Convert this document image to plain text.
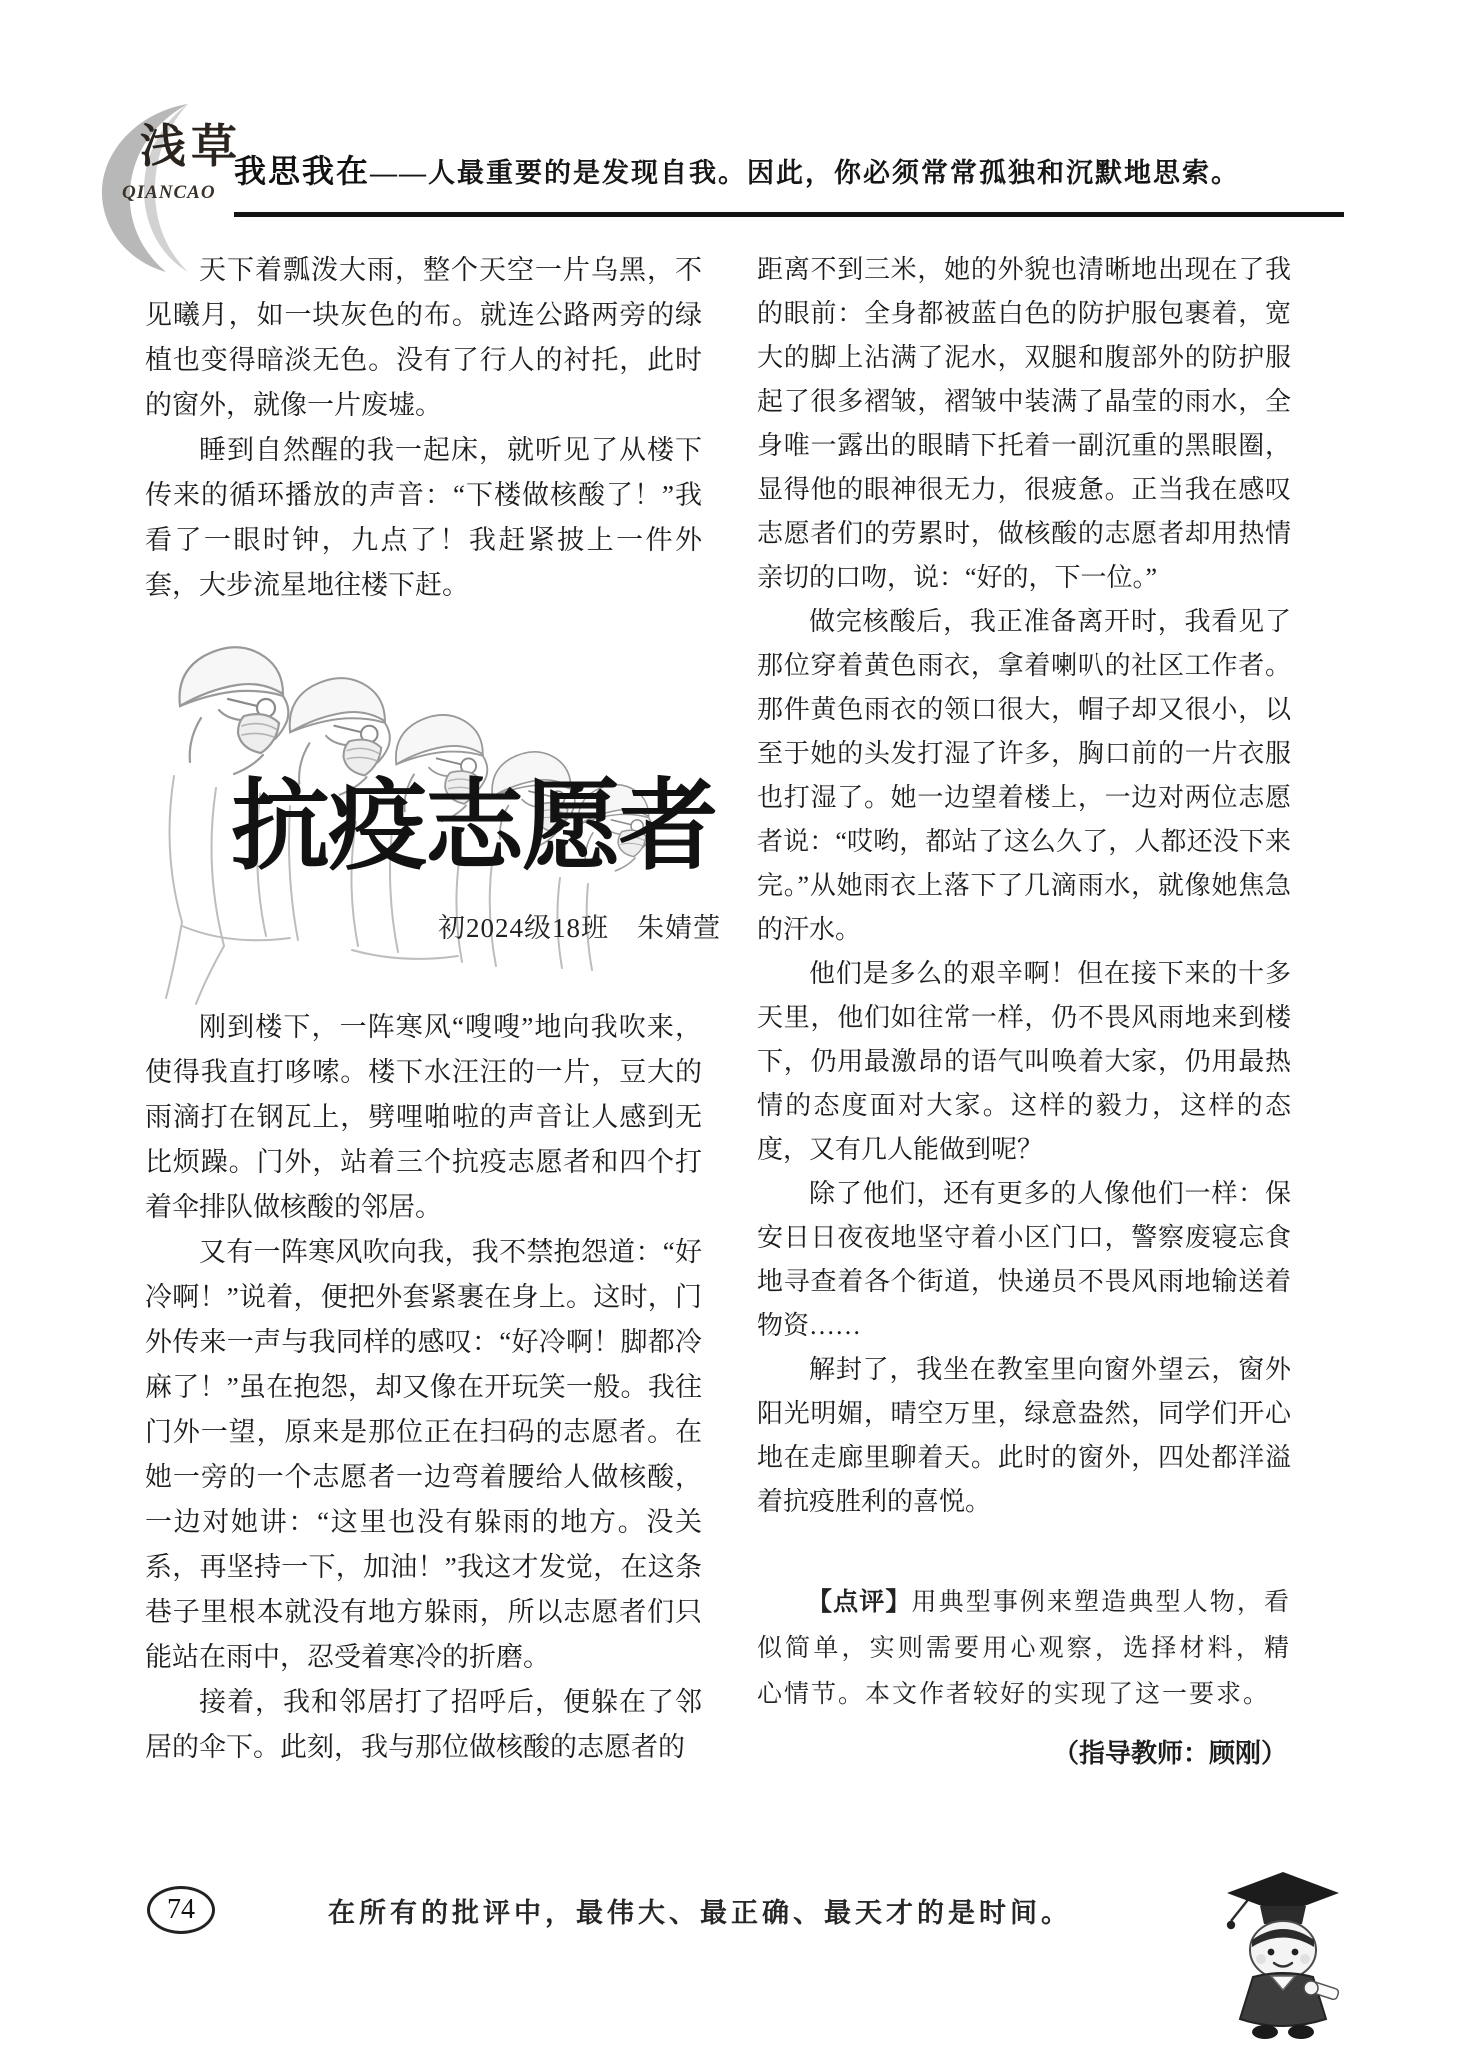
浅草
QIANCAO
我思我在——人最重要的是发现自我。因此，你必须常常孤独和沉默地思索。

天下着瓢泼大雨，整个天空一片乌黑，不见曦月，如一块灰色的布。就连公路两旁的绿植也变得暗淡无色。没有了行人的衬托，此时的窗外，就像一片废墟。

睡到自然醒的我一起床，就听见了从楼下传来的循环播放的声音：“下楼做核酸了！”我看了一眼时钟，九点了！我赶紧披上一件外套，大步流星地往楼下赶。

抗疫志愿者
初2024级18班 朱婧萱

刚到楼下，一阵寒风“嗖嗖”地向我吹来，使得我直打哆嗦。楼下水汪汪的一片，豆大的雨滴打在钢瓦上，劈哩啪啦的声音让人感到无比烦躁。门外，站着三个抗疫志愿者和四个打着伞排队做核酸的邻居。

又有一阵寒风吹向我，我不禁抱怨道：“好冷啊！”说着，便把外套紧裹在身上。这时，门外传来一声与我同样的感叹：“好冷啊！脚都冷麻了！”虽在抱怨，却又像在开玩笑一般。我往门外一望，原来是那位正在扫码的志愿者。在她一旁的一个志愿者一边弯着腰给人做核酸，一边对她讲：“这里也没有躲雨的地方。没关系，再坚持一下，加油！”我这才发觉，在这条巷子里根本就没有地方躲雨，所以志愿者们只能站在雨中，忍受着寒冷的折磨。

接着，我和邻居打了招呼后，便躲在了邻居的伞下。此刻，我与那位做核酸的志愿者的

距离不到三米，她的外貌也清晰地出现在了我的眼前：全身都被蓝白色的防护服包裹着，宽大的脚上沾满了泥水，双腿和腹部外的防护服起了很多褶皱，褶皱中装满了晶莹的雨水，全身唯一露出的眼睛下托着一副沉重的黑眼圈，显得他的眼神很无力，很疲惫。正当我在感叹志愿者们的劳累时，做核酸的志愿者却用热情亲切的口吻，说：“好的，下一位。”

做完核酸后，我正准备离开时，我看见了那位穿着黄色雨衣，拿着喇叭的社区工作者。那件黄色雨衣的领口很大，帽子却又很小，以至于她的头发打湿了许多，胸口前的一片衣服也打湿了。她一边望着楼上，一边对两位志愿者说：“哎哟，都站了这么久了，人都还没下来完。”从她雨衣上落下了几滴雨水，就像她焦急的汗水。

他们是多么的艰辛啊！但在接下来的十多天里，他们如往常一样，仍不畏风雨地来到楼下，仍用最激昂的语气叫唤着大家，仍用最热情的态度面对大家。这样的毅力，这样的态度，又有几人能做到呢？

除了他们，还有更多的人像他们一样：保安日日夜夜地坚守着小区门口，警察废寝忘食地寻查着各个街道，快递员不畏风雨地输送着物资……

解封了，我坐在教室里向窗外望云，窗外阳光明媚，晴空万里，绿意盎然，同学们开心地在走廊里聊着天。此时的窗外，四处都洋溢着抗疫胜利的喜悦。

【点评】用典型事例来塑造典型人物，看似简单，实则需要用心观察，选择材料，精心情节。本文作者较好的实现了这一要求。
（指导教师：顾刚）
74	在所有的批评中，最伟大、最正确、最天才的是时间。
